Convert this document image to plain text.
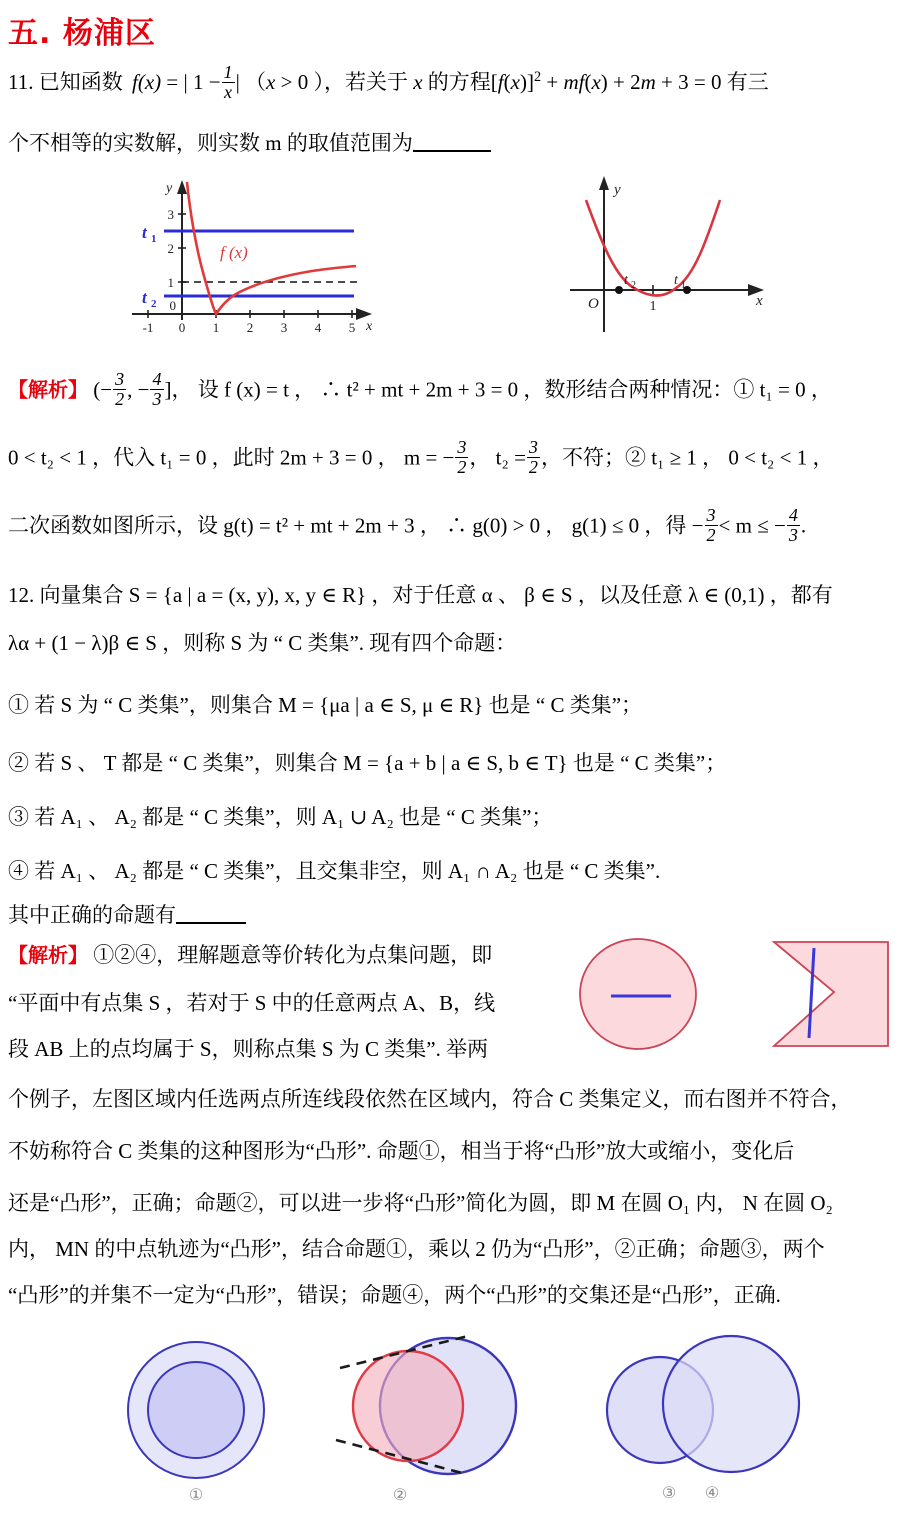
五. 杨浦区
11. 已知函数 f(x) = | $1 - \frac{1}{x}$ | （x > 0 ），若关于 x 的方程$[f(x)]^2 + mf(x) + 2m + 3 = 0$ 有三
个不相等的实数解，则实数 m 的取值范围为
y
x
-1 0 1 2 3 4 5
3
2
1
0
t 1
t 2
f (x)
y
x
O	1
t 2	t 1
【解析】 (− $\frac{3}{2}$ , − $\frac{4}{3}$ ]， 设 f (x) = t ， ∴ t² + mt + 2m + 3 = 0 ，数形结合两种情况：① t₁ = 0 ，
0 < t₂ < 1 ，代入 t₁ = 0 ，此时 2m + 3 = 0 ， m = − $\frac{3}{2}$ ， $t_2 = \frac{3}{2}$ ，不符；② t₁ ≥ 1 ， 0 < t₂ < 1 ，
二次函数如图所示，设 g(t) = t² + mt + 2m + 3 ， ∴ g(0) > 0 ， g(1) ≤ 0 ，得 − $\frac{3}{2} < m$ ≤ − $\frac{4}{3}$ .
12. 向量集合 S = {a | a = (x, y), x, y ∈ R} ，对于任意 α 、 β ∈ S ，以及任意 λ ∈ (0,1) ，都有
λα + (1 − λ)β ∈ S ，则称 S 为 “ C 类集”. 现有四个命题：
① 若 S 为 “ C 类集”，则集合 M = {μa | a ∈ S, μ ∈ R} 也是 “ C 类集”；
② 若 S 、 T 都是 “ C 类集”，则集合 M = {a + b | a ∈ S, b ∈ T} 也是 “ C 类集”；
③ 若 A₁ 、 A₂ 都是 “ C 类集”，则 A₁ ∪ A₂ 也是 “ C 类集”；
④ 若 A₁ 、 A₂ 都是 “ C 类集”，且交集非空，则 A₁ ∩ A₂ 也是 “ C 类集”.
其中正确的命题有
【解析】 ①②④，理解题意等价转化为点集问题，即
“平面中有点集 S ，若对于 S 中的任意两点 A、B，线
段 AB 上的点均属于 S，则称点集 S 为 C 类集”. 举两
个例子，左图区域内任选两点所连线段依然在区域内，符合 C 类集定义，而右图并不符合，
不妨称符合 C 类集的这种图形为“凸形”. 命题①，相当于将“凸形”放大或缩小，变化后
还是“凸形”，正确；命题②，可以进一步将“凸形”简化为圆，即 M 在圆 O₁ 内， N 在圆 O₂
内， MN 的中点轨迹为“凸形”，结合命题①，乘以 2 仍为“凸形”，②正确；命题③，两个
“凸形”的并集不一定为“凸形”，错误；命题④，两个“凸形”的交集还是“凸形”，正确.
①	②	③ ④
